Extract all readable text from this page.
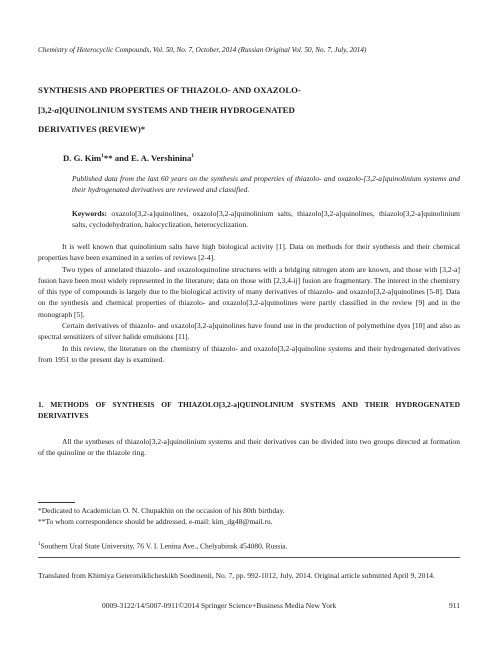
Chemistry of Heterocyclic Compounds, Vol. 50, No. 7, October, 2014 (Russian Original Vol. 50, No. 7, July, 2014)

SYNTHESIS AND PROPERTIES OF THIAZOLO- AND OXAZOLO-
[3,2-a]QUINOLINIUM SYSTEMS AND THEIR HYDROGENATED
DERIVATIVES (REVIEW)*
D. G. Kim$^1$** and E. A. Vershinina$^1$

Published data from the last 60 years on the synthesis and properties of thiazolo- and oxazolo-[3,2-a]quinolinium systems and their hydrogenated derivatives are reviewed and classified.

Keywords: oxazolo[3,2-a]quinolines, oxazolo[3,2-a]quinolinium salts, thiazolo[3,2-a]quinolines, thiazolo[3,2-a]quinolinium salts, cyclodehydration, halocyclization, heterocyclization.

It is well known that quinolinium salts have high biological activity [1]. Data on methods for their synthesis and their chemical properties have been examined in a series of reviews [2-4].

Two types of annelated thiazolo- and oxazoloquinoline structures with a bridging nitrogen atom are known, and those with [3,2-a] fusion have been most widely represented in the literature; data on those with [2,3,4-ij] fusion are fragmentary. The interest in the chemistry of this type of compounds is largely due to the biological activity of many derivatives of thiazolo- and oxazolo[3,2-a]quinolines [5-8]. Data on the synthesis and chemical properties of thiazolo- and oxazolo[3,2-a]quinolines were partly classified in the review [9] and in the monograph [5].

Certain derivatives of thiazolo- and oxazolo[3,2-a]quinolines have found use in the production of polymethine dyes [10] and also as spectral sensitizers of silver halide emulsions [11].

In this review, the literature on the chemistry of thiazolo- and oxazolo[3,2-a]quinoline systems and their hydrogenated derivatives from 1951 to the present day is examined.

1. METHODS OF SYNTHESIS OF THIAZOLO[3,2-a]QUINOLINIUM SYSTEMS AND THEIR HYDROGENATED DERIVATIVES

All the syntheses of thiazolo[3,2-a]quinolinium systems and their derivatives can be divided into two groups directed at formation of the quinoline or the thiazole ring.

*Dedicated to Academician O. N. Chupakhin on the occasion of his 80th birthday.

**To whom correspondence should be addressed, e-mail: kim_dg48@mail.ru.

$^1$Southern Ural State University, 76 V. I. Lenina Ave., Chelyabinsk 454080, Russia.

Translated from Khimiya Geterotsiklicheskikh Soedinenii, No. 7, pp. 992-1012, July, 2014. Original article submitted April 9, 2014.

0009-3122/14/5007-0911©2014 Springer Science+Business Media New York	911
